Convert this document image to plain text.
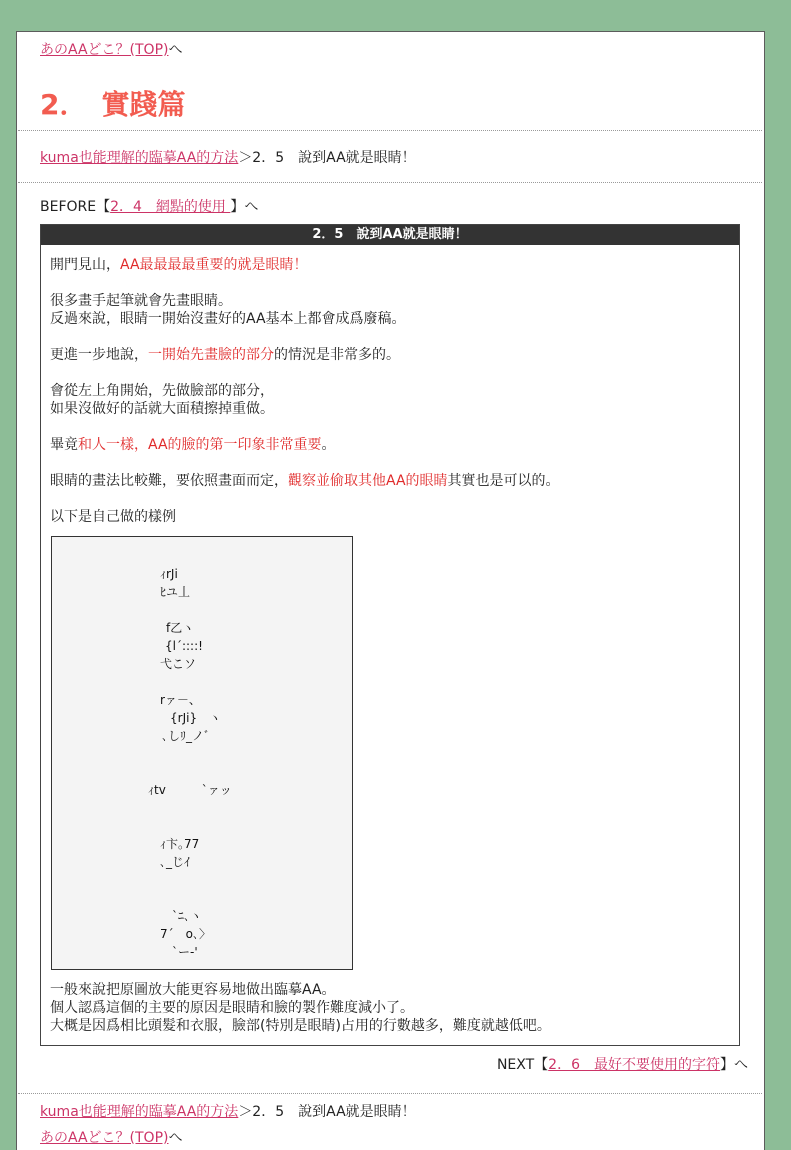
あのAAどこ？(TOP)へ
2．　實踐篇
kuma也能理解的臨摹AA的方法＞2．5　說到AA就是眼睛！
BEFORE【2．4　網點的使用 】へ
2．5　說到AA就是眼睛！
開門見山，AA最最最最重要的就是眼睛！
很多畫手起筆就會先畫眼睛。
反過來說，眼睛一開始沒畫好的AA基本上都會成爲廢稿。
更進一步地說，一開始先畫臉的部分的情況是非常多的。
會從左上角開始，先做臉部的部分，
如果沒做好的話就大面積擦掉重做。
畢竟和人一樣，AA的臉的第一印象非常重要。
眼睛的畫法比較難，要依照畫面而定，觀察並偷取其他AA的眼睛其實也是可以的。
以下是自己做的樣例
ｨrJi
ﾋユ丄
f乙ヽ
{l´::::!
弋こソ
rァ－、
{rJi}　ヽ
､しﾘ_ノﾞ
ｨtv　　　`ァッ
ｨ卞｡77
､_じｲ
`ﾆ､ヽ
7´　o､〉
`ー‐'
一般來說把原圖放大能更容易地做出臨摹AA。
個人認爲這個的主要的原因是眼睛和臉的製作難度減小了。
大概是因爲相比頭髮和衣服，臉部(特別是眼睛)占用的行數越多，難度就越低吧。
NEXT【2．6　最好不要使用的字符】へ
kuma也能理解的臨摹AA的方法＞2．5　說到AA就是眼睛！
あのAAどこ？(TOP)へ
